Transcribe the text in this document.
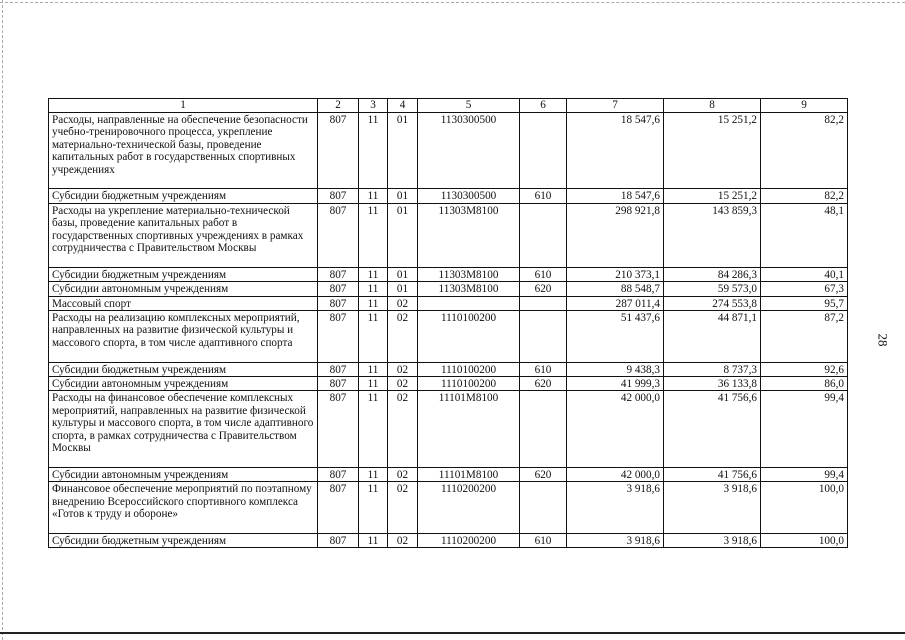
28
1	2	3	4	5	6	7	8	9
Расходы, направленные на обеспечение безопасности учебно-тренировочного процесса, укрепление материально-технической базы, проведение капитальных работ в государственных спортивных учреждениях	807	11	01	1130300500		18 547,6	15 251,2	82,2
Субсидии бюджетным учреждениям	807	11	01	1130300500	610	18 547,6	15 251,2	82,2
Расходы на укрепление материально-технической базы, проведение капитальных работ в государственных спортивных учреждениях в рамках сотрудничества с Правительством Москвы	807	11	01	11303М8100		298 921,8	143 859,3	48,1
Субсидии бюджетным учреждениям	807	11	01	11303М8100	610	210 373,1	84 286,3	40,1
Субсидии автономным учреждениям	807	11	01	11303М8100	620	88 548,7	59 573,0	67,3
Массовый спорт	807	11	02			287 011,4	274 553,8	95,7
Расходы на реализацию комплексных мероприятий, направленных на развитие физической культуры и массового спорта, в том числе адаптивного спорта	807	11	02	1110100200		51 437,6	44 871,1	87,2
Субсидии бюджетным учреждениям	807	11	02	1110100200	610	9 438,3	8 737,3	92,6
Субсидии автономным учреждениям	807	11	02	1110100200	620	41 999,3	36 133,8	86,0
Расходы на финансовое обеспечение комплексных мероприятий, направленных на развитие физической культуры и массового спорта, в том числе адаптивного спорта, в рамках сотрудничества с Правительством Москвы	807	11	02	11101М8100		42 000,0	41 756,6	99,4
Субсидии автономным учреждениям	807	11	02	11101М8100	620	42 000,0	41 756,6	99,4
Финансовое обеспечение мероприятий по поэтапному внедрению Всероссийского спортивного комплекса «Готов к труду и обороне»	807	11	02	1110200200		3 918,6	3 918,6	100,0
Субсидии бюджетным учреждениям	807	11	02	1110200200	610	3 918,6	3 918,6	100,0
